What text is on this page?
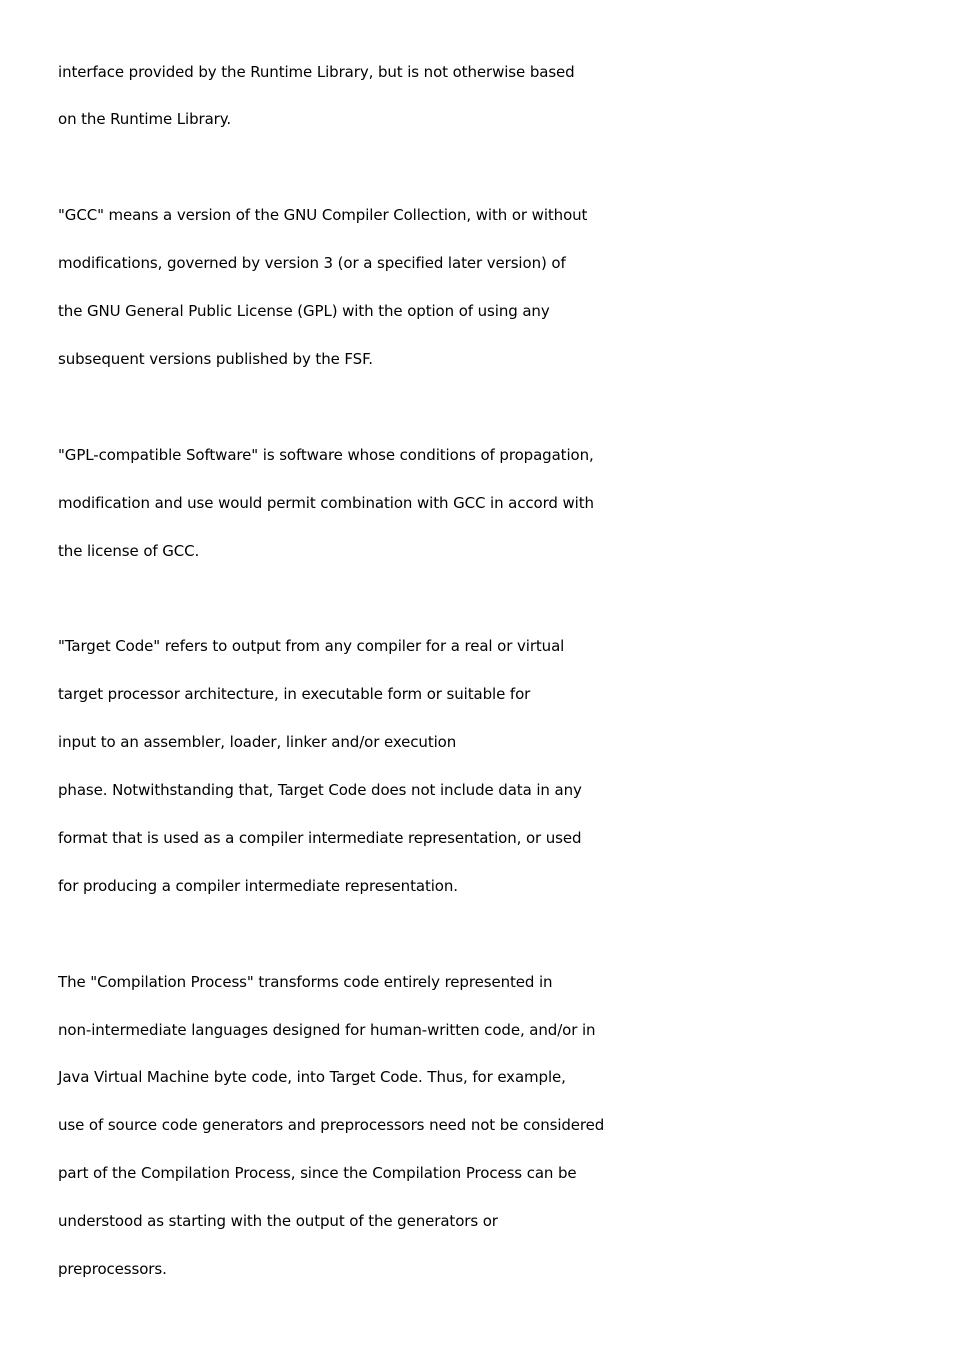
interface provided by the Runtime Library, but is not otherwise based
on the Runtime Library.
"GCC" means a version of the GNU Compiler Collection, with or without
modifications, governed by version 3 (or a specified later version) of
the GNU General Public License (GPL) with the option of using any
subsequent versions published by the FSF.
"GPL-compatible Software" is software whose conditions of propagation,
modification and use would permit combination with GCC in accord with
the license of GCC.
"Target Code" refers to output from any compiler for a real or virtual
target processor architecture, in executable form or suitable for
input to an assembler, loader, linker and/or execution
phase. Notwithstanding that, Target Code does not include data in any
format that is used as a compiler intermediate representation, or used
for producing a compiler intermediate representation.
The "Compilation Process" transforms code entirely represented in
non-intermediate languages designed for human-written code, and/or in
Java Virtual Machine byte code, into Target Code. Thus, for example,
use of source code generators and preprocessors need not be considered
part of the Compilation Process, since the Compilation Process can be
understood as starting with the output of the generators or
preprocessors.
